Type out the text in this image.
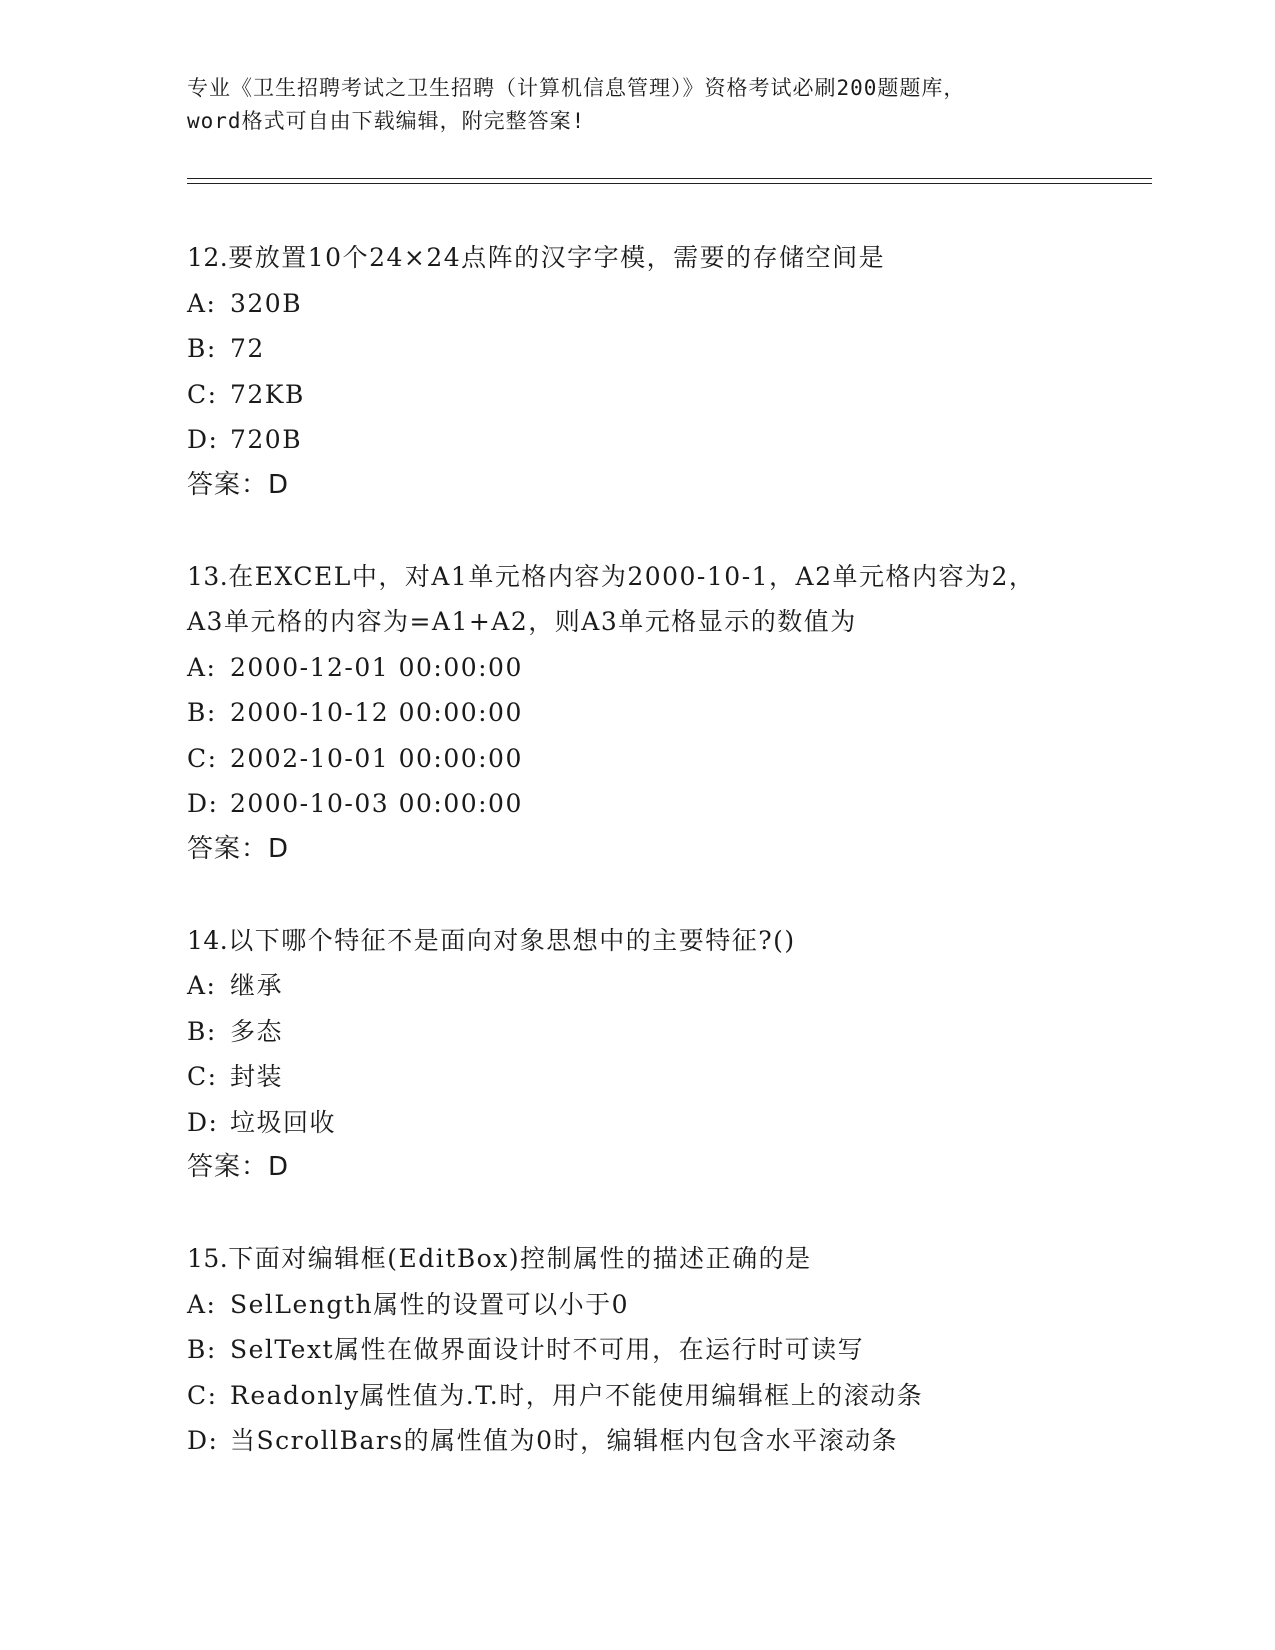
专业《卫生招聘考试之卫生招聘（计算机信息管理）》资格考试必刷200题题库，
word格式可自由下载编辑，附完整答案!
12.要放置10个24×24点阵的汉字字模，需要的存储空间是
A: 320B
B: 72
C: 72KB
D: 720B
答案：D
13.在EXCEL中，对A1单元格内容为2000-10-1，A2单元格内容为2，
A3单元格的内容为=A1+A2，则A3单元格显示的数值为
A: 2000-12-01 00:00:00
B: 2000-10-12 00:00:00
C: 2002-10-01 00:00:00
D: 2000-10-03 00:00:00
答案：D
14.以下哪个特征不是面向对象思想中的主要特征?()
A: 继承
B: 多态
C: 封装
D: 垃圾回收
答案：D
15.下面对编辑框(EditBox)控制属性的描述正确的是
A: SelLength属性的设置可以小于0
B: SelText属性在做界面设计时不可用，在运行时可读写
C: Readonly属性值为.T.时，用户不能使用编辑框上的滚动条
D: 当ScrollBars的属性值为0时，编辑框内包含水平滚动条
